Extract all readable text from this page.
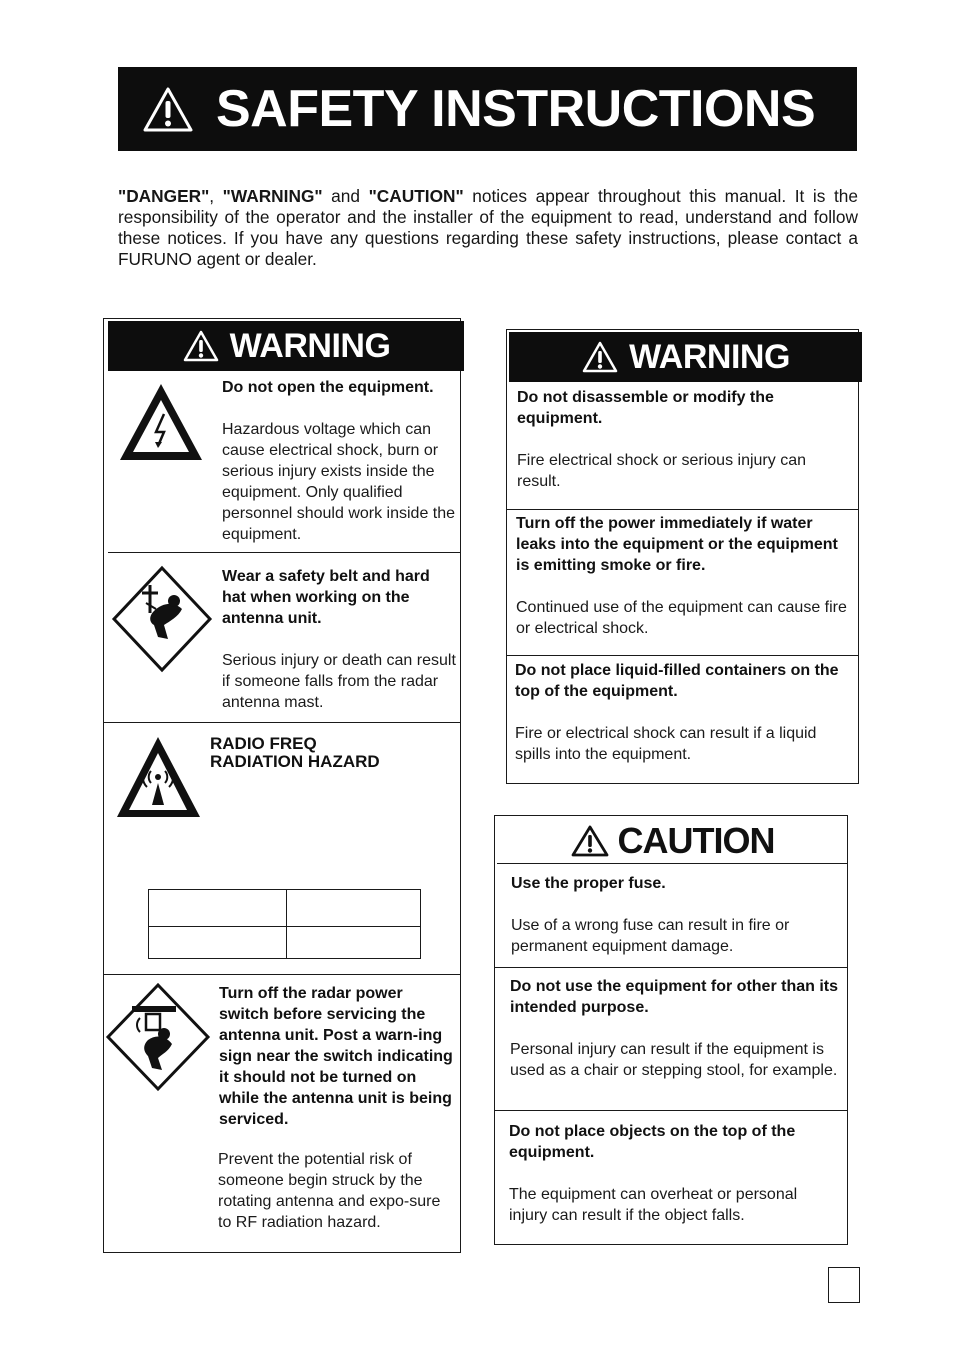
SAFETY INSTRUCTIONS
"DANGER", "WARNING" and "CAUTION" notices appear throughout this manual. It is the responsibility of the operator and the installer of the equipment to read, understand and follow these notices. If you have any questions regarding these safety instructions, please contact a FURUNO agent or dealer.
WARNING
Do not open the equipment.
Hazardous voltage which can cause electrical shock, burn or serious injury exists inside the equipment. Only qualified personnel should work inside the equipment.
Wear a safety belt and hard hat when working on the antenna unit.
Serious injury or death can result if someone falls from the radar antenna mast.
RADIO FREQ RADIATION HAZARD
Turn off the radar power switch before servicing the antenna unit. Post a warn-ing sign near the switch indicating it should not be turned on while the antenna unit is being serviced.
Prevent the potential risk of someone begin struck by the rotating antenna and expo-sure to RF radiation hazard.
WARNING
Do not disassemble or modify the equipment.
Fire electrical shock or serious injury can result.
Turn off the power immediately if water leaks into the equipment or the equipment is emitting smoke or fire.
Continued use of the equipment can cause fire or electrical shock.
Do not place liquid-filled containers on the top of the equipment.
Fire or electrical shock can result if a liquid spills into the equipment.
CAUTION
Use the proper fuse.
Use of a wrong fuse can result in fire or permanent equipment damage.
Do not use the equipment for other than its intended purpose.
Personal injury can result if the equipment is used as a chair or stepping stool, for example.
Do not place objects on the top of the equipment.
The equipment can overheat or personal injury can result if the object falls.
